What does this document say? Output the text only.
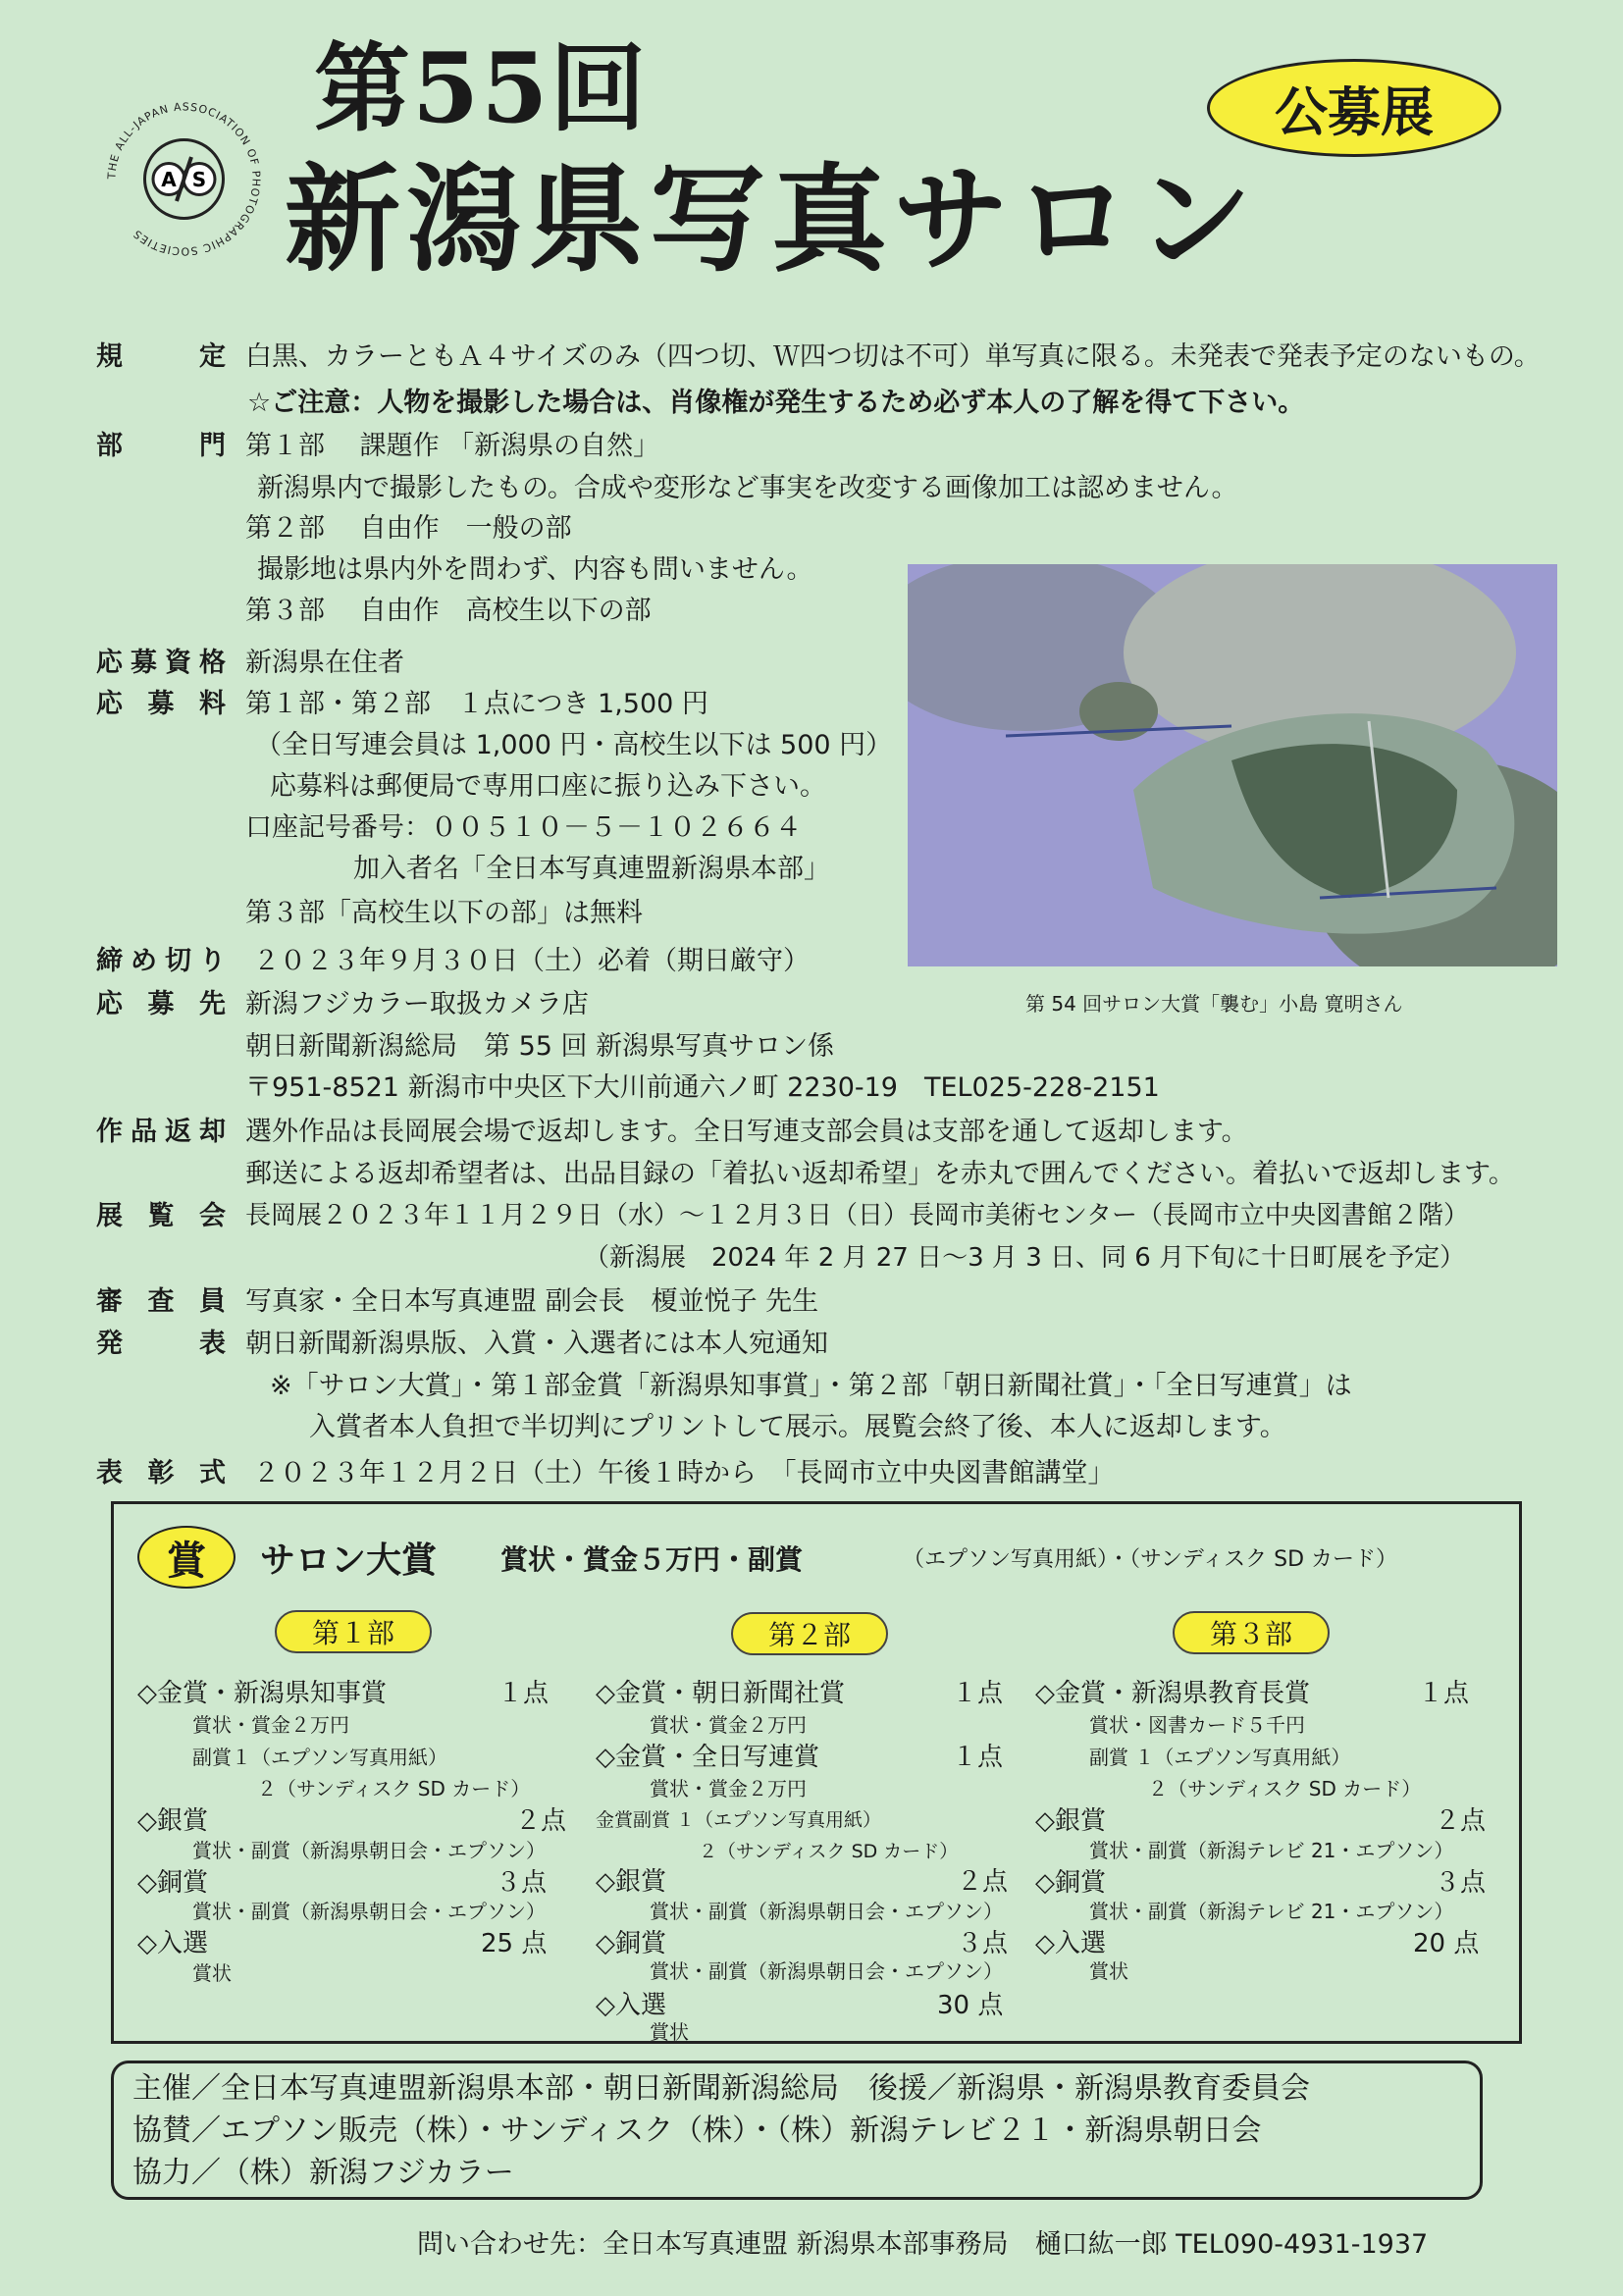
THE ALL-JAPAN ASSOCIATION OF PHOTOGRAPHIC SOCIETIES
A S
第55回
新潟県写真サロン
公募展
規定 白黒、カラーともＡ４サイズのみ（四つ切、Ｗ四つ切は不可）単写真に限る。未発表で発表予定のないもの。
☆ご注意：人物を撮影した場合は、肖像権が発生するため必ず本人の了解を得て下さい。
部門 第１部　 課題作 「新潟県の自然」
新潟県内で撮影したもの。合成や変形など事実を改変する画像加工は認めません。
第２部　 自由作　一般の部
撮影地は県内外を問わず、内容も問いません。
第３部　 自由作　高校生以下の部
応募資格 新潟県在住者
応募料 第１部・第２部　１点につき 1,500 円
（全日写連会員は 1,000 円・高校生以下は 500 円）
応募料は郵便局で専用口座に振り込み下さい。
口座記号番号：００５１０－５－１０２６６４
加入者名「全日本写真連盟新潟県本部」
第３部「高校生以下の部」は無料
締め切り ２０２３年９月３０日（土）必着（期日厳守）
応募先 新潟フジカラー取扱カメラ店
朝日新聞新潟総局　第 55 回 新潟県写真サロン係
〒951-8521 新潟市中央区下大川前通六ノ町 2230-19　TEL025-228-2151
作品返却 選外作品は長岡展会場で返却します。全日写連支部会員は支部を通して返却します。
郵送による返却希望者は、出品目録の「着払い返却希望」を赤丸で囲んでください。着払いで返却します。
展覧会 長岡展２０２３年１１月２９日（水）～１２月３日（日）長岡市美術センター（長岡市立中央図書館２階）
（新潟展　2024 年 2 月 27 日～3 月 3 日、同 6 月下旬に十日町展を予定）
審査員 写真家・全日本写真連盟 副会長　榎並悦子 先生
発表 朝日新聞新潟県版、入賞・入選者には本人宛通知
※「サロン大賞」・第１部金賞「新潟県知事賞」・第２部「朝日新聞社賞」・「全日写連賞」は
入賞者本人負担で半切判にプリントして展示。展覧会終了後、本人に返却します。
表彰式 ２０２３年１２月２日（土）午後１時から　「長岡市立中央図書館講堂」
第 54 回サロン大賞「襲む」小島 寛明さん
賞	サロン大賞 賞状・賞金５万円・副賞	（エプソン写真用紙）・（サンディスク SD カード）
第１部
◇金賞・新潟県知事賞	１点
賞状・賞金２万円
副賞１（エプソン写真用紙）
２（サンディスク SD カード）
◇銀賞	２点
賞状・副賞（新潟県朝日会・エプソン）
◇銅賞	３点
賞状・副賞（新潟県朝日会・エプソン）
◇入選	25 点
賞状
第２部
◇金賞・朝日新聞社賞	１点
賞状・賞金２万円
◇金賞・全日写連賞	１点
賞状・賞金２万円
金賞副賞 １（エプソン写真用紙）
２（サンディスク SD カード）
◇銀賞	２点
賞状・副賞（新潟県朝日会・エプソン）
◇銅賞	３点
賞状・副賞（新潟県朝日会・エプソン）
◇入選	30 点
賞状
第３部
◇金賞・新潟県教育長賞	１点
賞状・図書カード５千円
副賞 １（エプソン写真用紙）
２（サンディスク SD カード）
◇銀賞	２点
賞状・副賞（新潟テレビ 21・エプソン）
◇銅賞	３点
賞状・副賞（新潟テレビ 21・エプソン）
◇入選	20 点
賞状
主催／全日本写真連盟新潟県本部・朝日新聞新潟総局　後援／新潟県・新潟県教育委員会
協賛／エプソン販売（株）・サンディスク（株）・（株）新潟テレビ２１・新潟県朝日会
協力／（株）新潟フジカラー
問い合わせ先：全日本写真連盟 新潟県本部事務局　樋口紘一郎 TEL090-4931-1937
